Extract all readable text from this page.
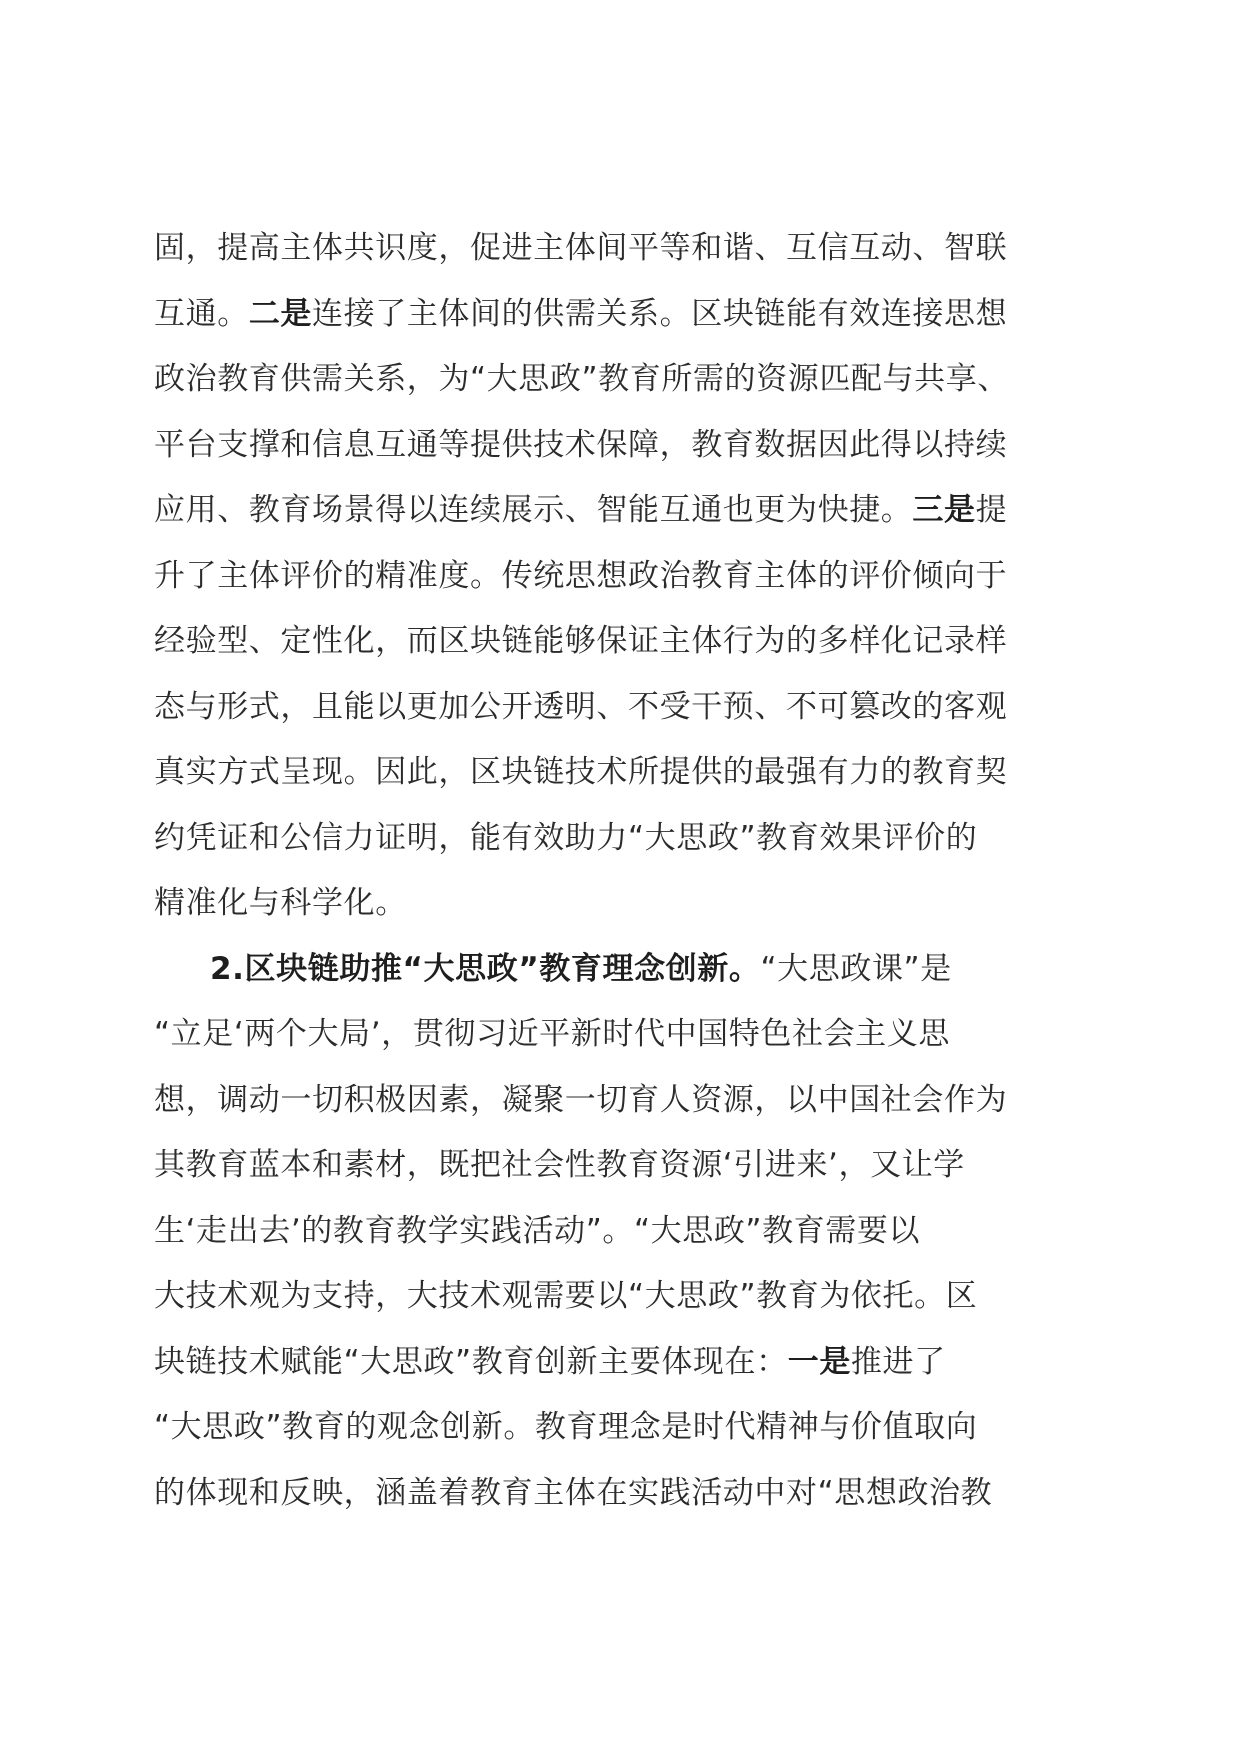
固，提高主体共识度，促进主体间平等和谐、互信互动、智联
互通。二是连接了主体间的供需关系。区块链能有效连接思想
政治教育供需关系，为“大思政”教育所需的资源匹配与共享、
平台支撑和信息互通等提供技术保障，教育数据因此得以持续
应用、教育场景得以连续展示、智能互通也更为快捷。三是提
升了主体评价的精准度。传统思想政治教育主体的评价倾向于
经验型、定性化，而区块链能够保证主体行为的多样化记录样
态与形式，且能以更加公开透明、不受干预、不可篡改的客观
真实方式呈现。因此，区块链技术所提供的最强有力的教育契
约凭证和公信力证明，能有效助力“大思政”教育效果评价的
精准化与科学化。
2.区块链助推“大思政”教育理念创新。“大思政课”是
“立足‘两个大局’，贯彻习近平新时代中国特色社会主义思
想，调动一切积极因素，凝聚一切育人资源，以中国社会作为
其教育蓝本和素材，既把社会性教育资源‘引进来’，又让学
生‘走出去’的教育教学实践活动”。“大思政”教育需要以
大技术观为支持，大技术观需要以“大思政”教育为依托。区
块链技术赋能“大思政”教育创新主要体现在：一是推进了
“大思政”教育的观念创新。教育理念是时代精神与价值取向
的体现和反映，涵盖着教育主体在实践活动中对“思想政治教
